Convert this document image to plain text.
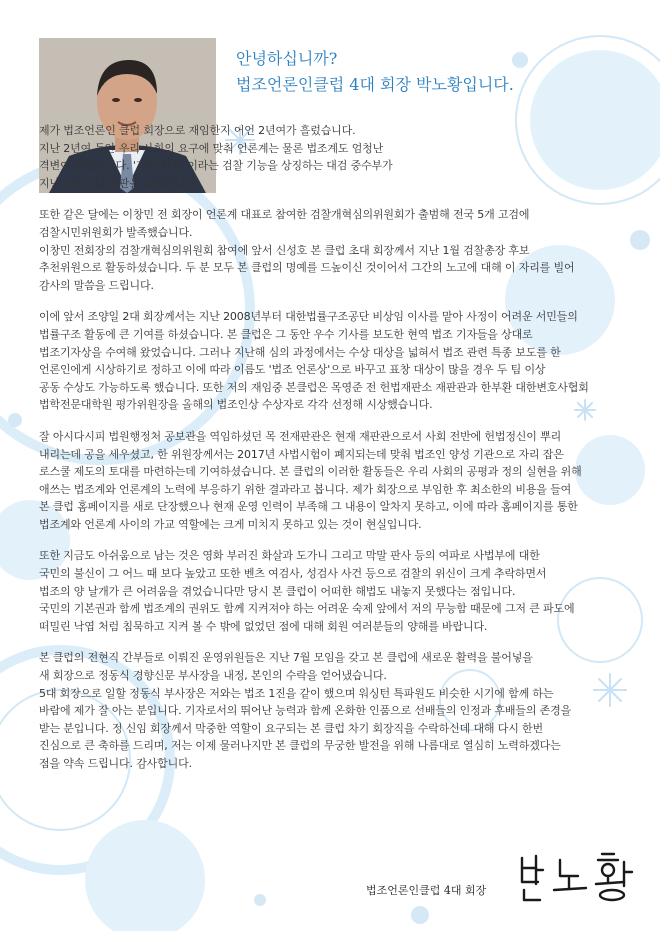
안녕하십니까?
법조언론인클럽 4대 회장 박노황입니다.
제가 법조언론인 클럽 회장으로 재임한지 어언 2년여가 흘렀습니다.
지난 2년여 동안 우리 사회의 요구에 맞춰 언론계는 물론 법조계도 엄청난
격변이 있었습니다. '거악 척결' 이라는 검찰 기능을 상징하는 대검 중수부가
지난 4월 끝내 현판을 내렸습니다.
또한 같은 달에는 이창민 전 회장이 언론계 대표로 참여한 검찰개혁심의위원회가 출범해 전국 5개 고검에
검찰시민위원회가 발족했습니다.
이창민 전회장의 검찰개혁심의위원회 참여에 앞서 신성호 본 클럽 초대 회장께서 지난 1월 검찰총장 후보
추천위원으로 활동하셨습니다. 두 분 모두 본 클럽의 명예를 드높이신 것이어서 그간의 노고에 대해 이 자리를 빌어
감사의 말씀을 드립니다.
이에 앞서 조양일 2대 회장께서는 지난 2008년부터 대한법률구조공단 비상임 이사를 맡아 사정이 어려운 서민들의
법률구조 활동에 큰 기여를 하셨습니다. 본 클럽은 그 동안 우수 기사를 보도한 현역 법조 기자들을 상대로
법조기자상을 수여해 왔었습니다. 그러나 지난해 심의 과정에서는 수상 대상을 넓혀서 법조 관련 특종 보도를 한
언론인에게 시상하기로 정하고 이에 따라 이름도 '법조 언론상'으로 바꾸고 표창 대상이 많을 경우 두 팀 이상
공동 수상도 가능하도록 했습니다. 또한 저의 재임중 본클럽은 목영준 전 헌법재판소 재판관과 한부환 대한변호사협회
법학전문대학원 평가위원장을 올해의 법조인상 수상자로 각각 선정해 시상했습니다.
잘 아시다시피 법원행정처 공보관을 역임하셨던 목 전재판관은 현재 재판관으로서 사회 전반에 헌법정신이 뿌리
내리는데 공을 세우셨고, 한 위원장께서는 2017년 사법시험이 폐지되는데 맞춰 법조인 양성 기관으로 자리 잡은
로스쿨 제도의 토대를 마련하는데 기여하셨습니다. 본 클럽의 이러한 활동들은 우리 사회의 공평과 정의 실현을 위해
애쓰는 법조계와 언론계의 노력에 부응하기 위한 결과라고 봅니다. 제가 회장으로 부임한 후 최소한의 비용을 들여
본 클럽 홈페이지를 새로 단장했으나 현재 운영 인력이 부족해 그 내용이 알차지 못하고, 이에 따라 홈페이지를 통한
법조계와 언론계 사이의 가교 역할에는 크게 미치지 못하고 있는 것이 현실입니다.
또한 지금도 아쉬움으로 남는 것은 영화 부러진 화살과 도가니 그리고 막말 판사 등의 여파로 사법부에 대한
국민의 불신이 그 어느 때 보다 높았고 또한 벤츠 여검사, 성검사 사건 등으로 검찰의 위신이 크게 추락하면서
법조의 양 날개가 큰 어려움을 겪었습니다만 당시 본 클럽이 어떠한 해법도 내놓지 못했다는 점입니다.
국민의 기본권과 함께 법조계의 권위도 함께 지켜져야 하는 어려운 숙제 앞에서 저의 무능함 때문에 그저 큰 파도에
떠밀린 낙엽 처럼 침묵하고 지켜 볼 수 밖에 없었던 점에 대해 회원 여러분들의 양해를 바랍니다.
본 클럽의 전현직 간부들로 이뤄진 운영위원들은 지난 7월 모임을 갖고 본 클럽에 새로운 활력을 불어넣을
새 회장으로 정동식 경향신문 부사장을 내정, 본인의 수락을 얻어냈습니다.
5대 회장으로 일할 정동식 부사장은 저와는 법조 1진을 같이 했으며 워싱턴 특파원도 비슷한 시기에 함께 하는
바람에 제가 잘 아는 분입니다. 기자로서의 뛰어난 능력과 함께 온화한 인품으로 선배들의 인정과 후배들의 존경을
받는 분입니다. 정 신임 회장께서 막중한 역할이 요구되는 본 클럽 차기 회장직을 수락하신데 대해 다시 한번
진심으로 큰 축하를 드리며, 저는 이제 물러나지만 본 클럽의 무궁한 발전을 위해 나름대로 열심히 노력하겠다는
점을 약속 드립니다. 감사합니다.
법조언론인클럽 4대 회장
